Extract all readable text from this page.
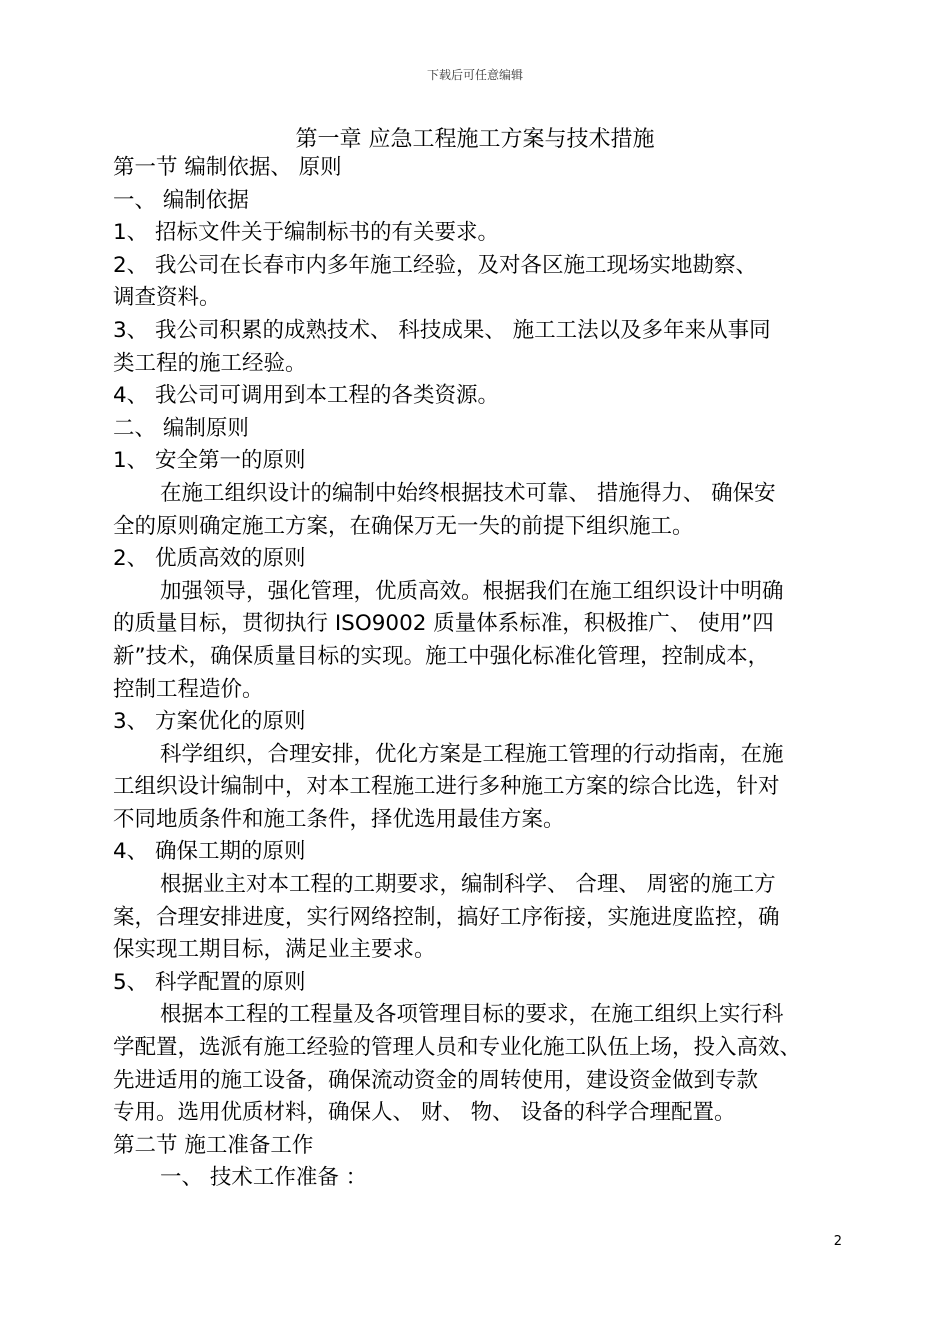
下载后可任意编辑
第一章 应急工程施工方案与技术措施
第一节 编制依据、 原则
一、 编制依据
1、 招标文件关于编制标书的有关要求。
2、 我公司在长春市内多年施工经验，及对各区施工现场实地勘察、
调查资料。
3、 我公司积累的成熟技术、 科技成果、 施工工法以及多年来从事同
类工程的施工经验。
4、 我公司可调用到本工程的各类资源。
二、 编制原则
1、 安全第一的原则
在施工组织设计的编制中始终根据技术可靠、 措施得力、 确保安
全的原则确定施工方案，在确保万无一失的前提下组织施工。
2、 优质高效的原则
加强领导，强化管理，优质高效。根据我们在施工组织设计中明确
的质量目标，贯彻执行 ISO9002 质量体系标准，积极推广、 使用”四
新”技术，确保质量目标的实现。施工中强化标准化管理，控制成本，
控制工程造价。
3、 方案优化的原则
科学组织，合理安排，优化方案是工程施工管理的行动指南，在施
工组织设计编制中，对本工程施工进行多种施工方案的综合比选，针对
不同地质条件和施工条件，择优选用最佳方案。
4、 确保工期的原则
根据业主对本工程的工期要求，编制科学、 合理、 周密的施工方
案，合理安排进度，实行网络控制，搞好工序衔接，实施进度监控，确
保实现工期目标，满足业主要求。
5、 科学配置的原则
根据本工程的工程量及各项管理目标的要求，在施工组织上实行科
学配置，选派有施工经验的管理人员和专业化施工队伍上场，投入高效、
先进适用的施工设备，确保流动资金的周转使用，建设资金做到专款
专用。选用优质材料，确保人、 财、 物、 设备的科学合理配置。
第二节 施工准备工作
一、 技术工作准备 ：
2
